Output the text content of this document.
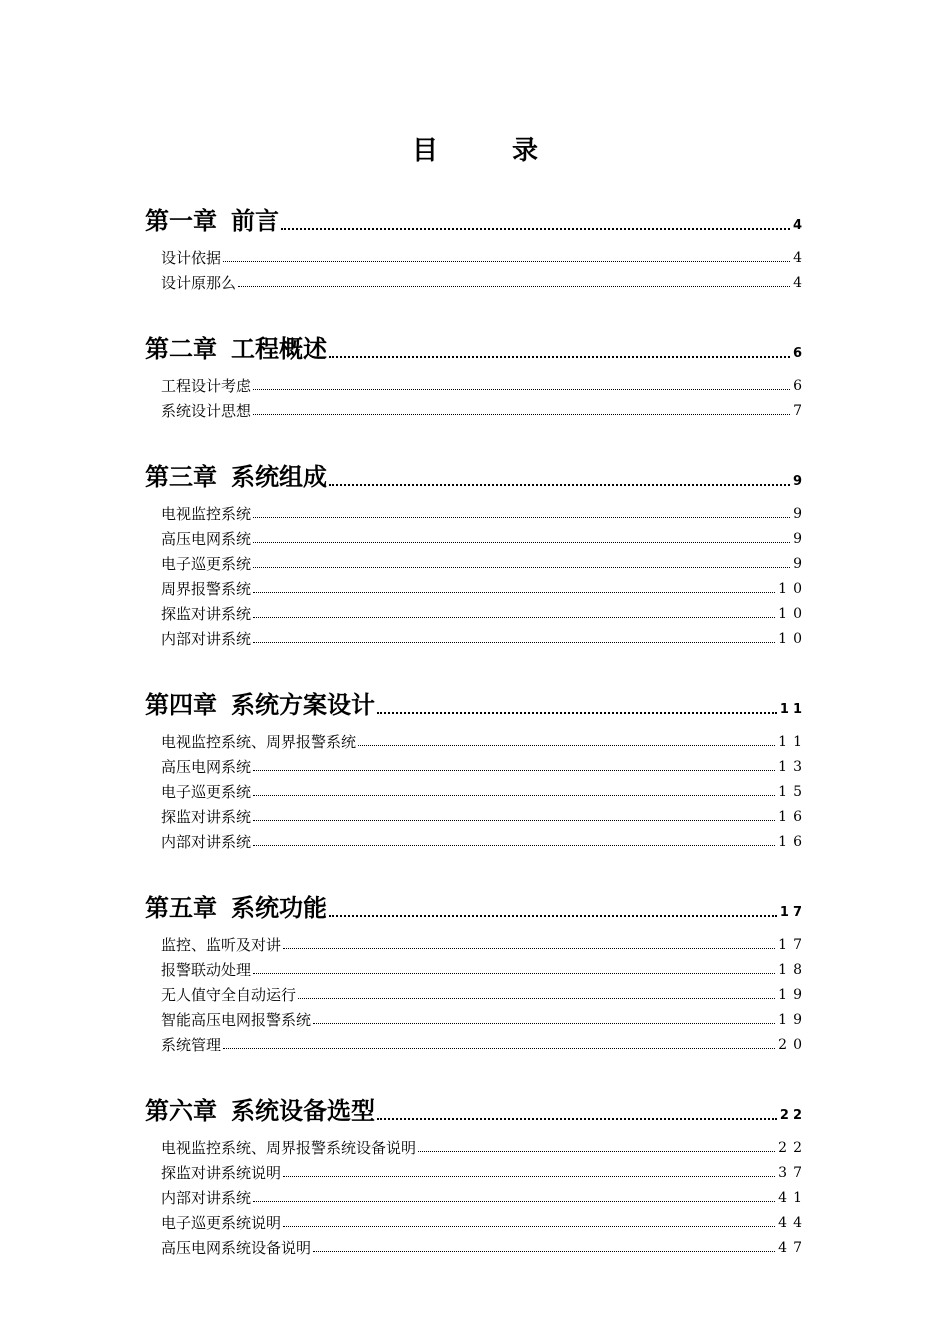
目	录
第一章 前言	4
设计依据	4
设计原那么	4
第二章 工程概述	6
工程设计考虑	6
系统设计思想	7
第三章 系统组成	9
电视监控系统	9
高压电网系统	9
电子巡更系统	9
周界报警系统	10
探监对讲系统	10
内部对讲系统	10
第四章 系统方案设计	11
电视监控系统、周界报警系统	11
高压电网系统	13
电子巡更系统	15
探监对讲系统	16
内部对讲系统	16
第五章 系统功能	17
监控、监听及对讲	17
报警联动处理	18
无人值守全自动运行	19
智能高压电网报警系统	19
系统管理	20
第六章 系统设备选型	22
电视监控系统、周界报警系统设备说明	22
探监对讲系统说明	37
内部对讲系统	41
电子巡更系统说明	44
高压电网系统设备说明	47
